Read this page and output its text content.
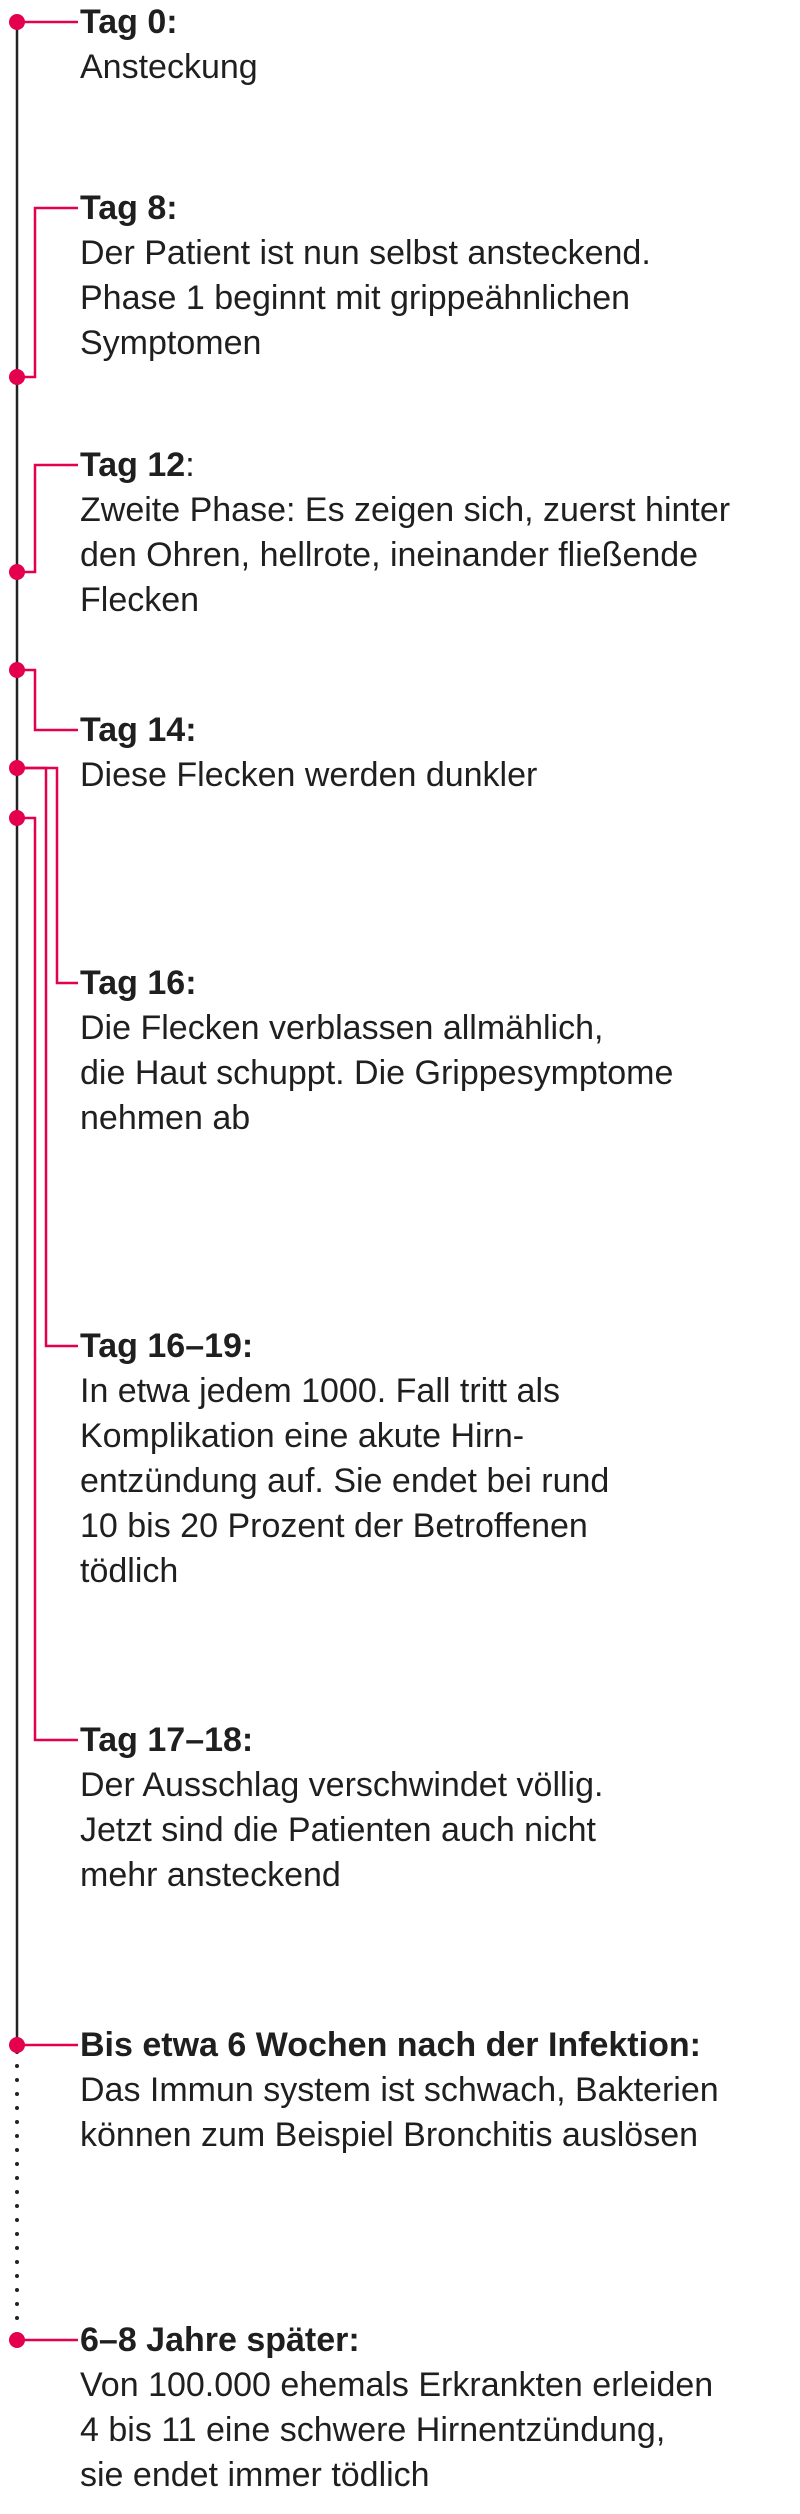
Tag 0:
Ansteckung
Tag 8:
Der Patient ist nun selbst ansteckend.
Phase 1 beginnt mit grippeähnlichen
Symptomen
Tag 12:
Zweite Phase: Es zeigen sich, zuerst hinter
den Ohren, hellrote, ineinander fließende
Flecken
Tag 14:
Diese Flecken werden dunkler
Tag 16:
Die Flecken verblassen allmählich,
die Haut schuppt. Die Grippesymptome
nehmen ab
Tag 16–19:
In etwa jedem 1000. Fall tritt als
Komplikation eine akute Hirn-
entzündung auf. Sie endet bei rund
10 bis 20 Prozent der Betroffenen
tödlich
Tag 17–18:
Der Ausschlag verschwindet völlig.
Jetzt sind die Patienten auch nicht
mehr ansteckend
Bis etwa 6 Wochen nach der Infektion:
Das Immun system ist schwach, Bakterien
können zum Beispiel Bronchitis auslösen
6–8 Jahre später:
Von 100.000 ehemals Erkrankten erleiden
4 bis 11 eine schwere Hirnentzündung,
sie endet immer tödlich
